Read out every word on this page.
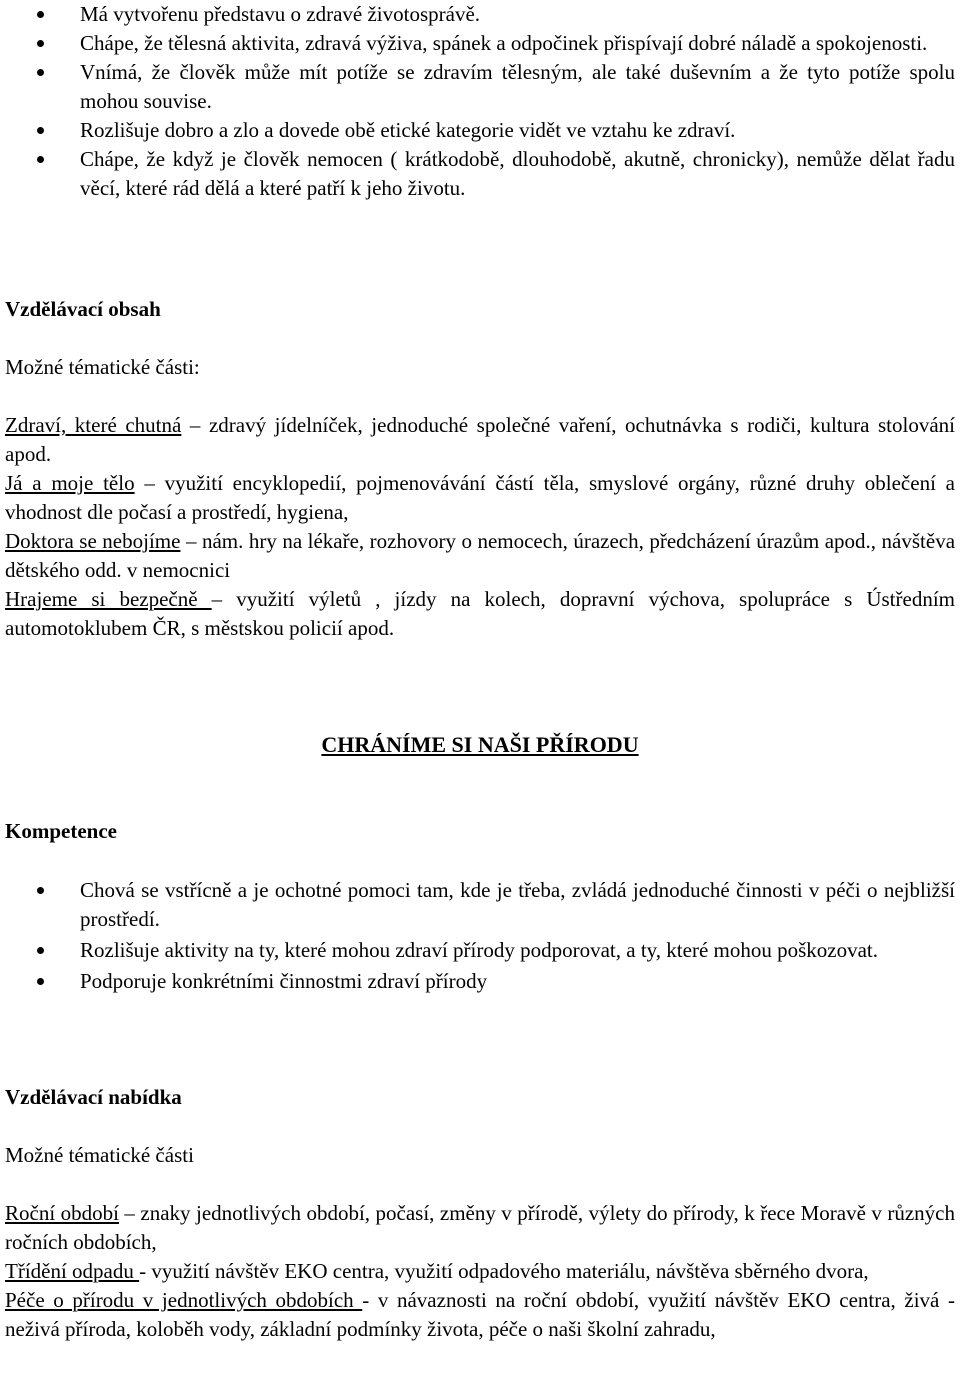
Má vytvořenu představu o zdravé životosprávě.
Chápe, že tělesná aktivita, zdravá výživa, spánek a odpočinek přispívají dobré náladě a spokojenosti.
Vnímá, že člověk může mít potíže se zdravím tělesným, ale také duševním a že tyto potíže spolu mohou souvise.
Rozlišuje dobro a zlo a dovede obě etické kategorie vidět ve vztahu ke zdraví.
Chápe, že když je člověk nemocen ( krátkodobě, dlouhodobě, akutně, chronicky), nemůže dělat řadu věcí, které rád dělá a které patří k jeho životu.

Vzdělávací obsah

Možné tématické části:

Zdraví, které chutná – zdravý jídelníček, jednoduché společné vaření, ochutnávka s rodiči, kultura stolování apod.
Já a moje tělo – využití encyklopedií, pojmenovávání částí těla, smyslové orgány, různé druhy oblečení a vhodnost dle počasí a prostředí, hygiena,
Doktora se nebojíme – nám. hry na lékaře, rozhovory o nemocech, úrazech, předcházení úrazům apod., návštěva dětského odd. v nemocnici
Hrajeme si bezpečně – využití výletů , jízdy na kolech, dopravní výchova, spolupráce s Ústředním automotoklubem ČR, s městskou policií apod.
CHRÁNÍME SI NAŠI PŘÍRODU

Kompetence

Chová se vstřícně a je ochotné pomoci tam, kde je třeba, zvládá jednoduché činnosti v péči o nejbližší prostředí.
Rozlišuje aktivity na ty, které mohou zdraví přírody podporovat, a ty, které mohou poškozovat.
Podporuje konkrétními činnostmi zdraví přírody

Vzdělávací nabídka

Možné tématické části

Roční období – znaky jednotlivých období, počasí, změny v přírodě, výlety do přírody, k řece Moravě v různých ročních obdobích,
Třídění odpadu - využití návštěv EKO centra, využití odpadového materiálu, návštěva sběrného dvora,
Péče o přírodu v jednotlivých obdobích - v návaznosti na roční období, využití návštěv EKO centra, živá - neživá příroda, koloběh vody, základní podmínky života, péče o naši školní zahradu,
